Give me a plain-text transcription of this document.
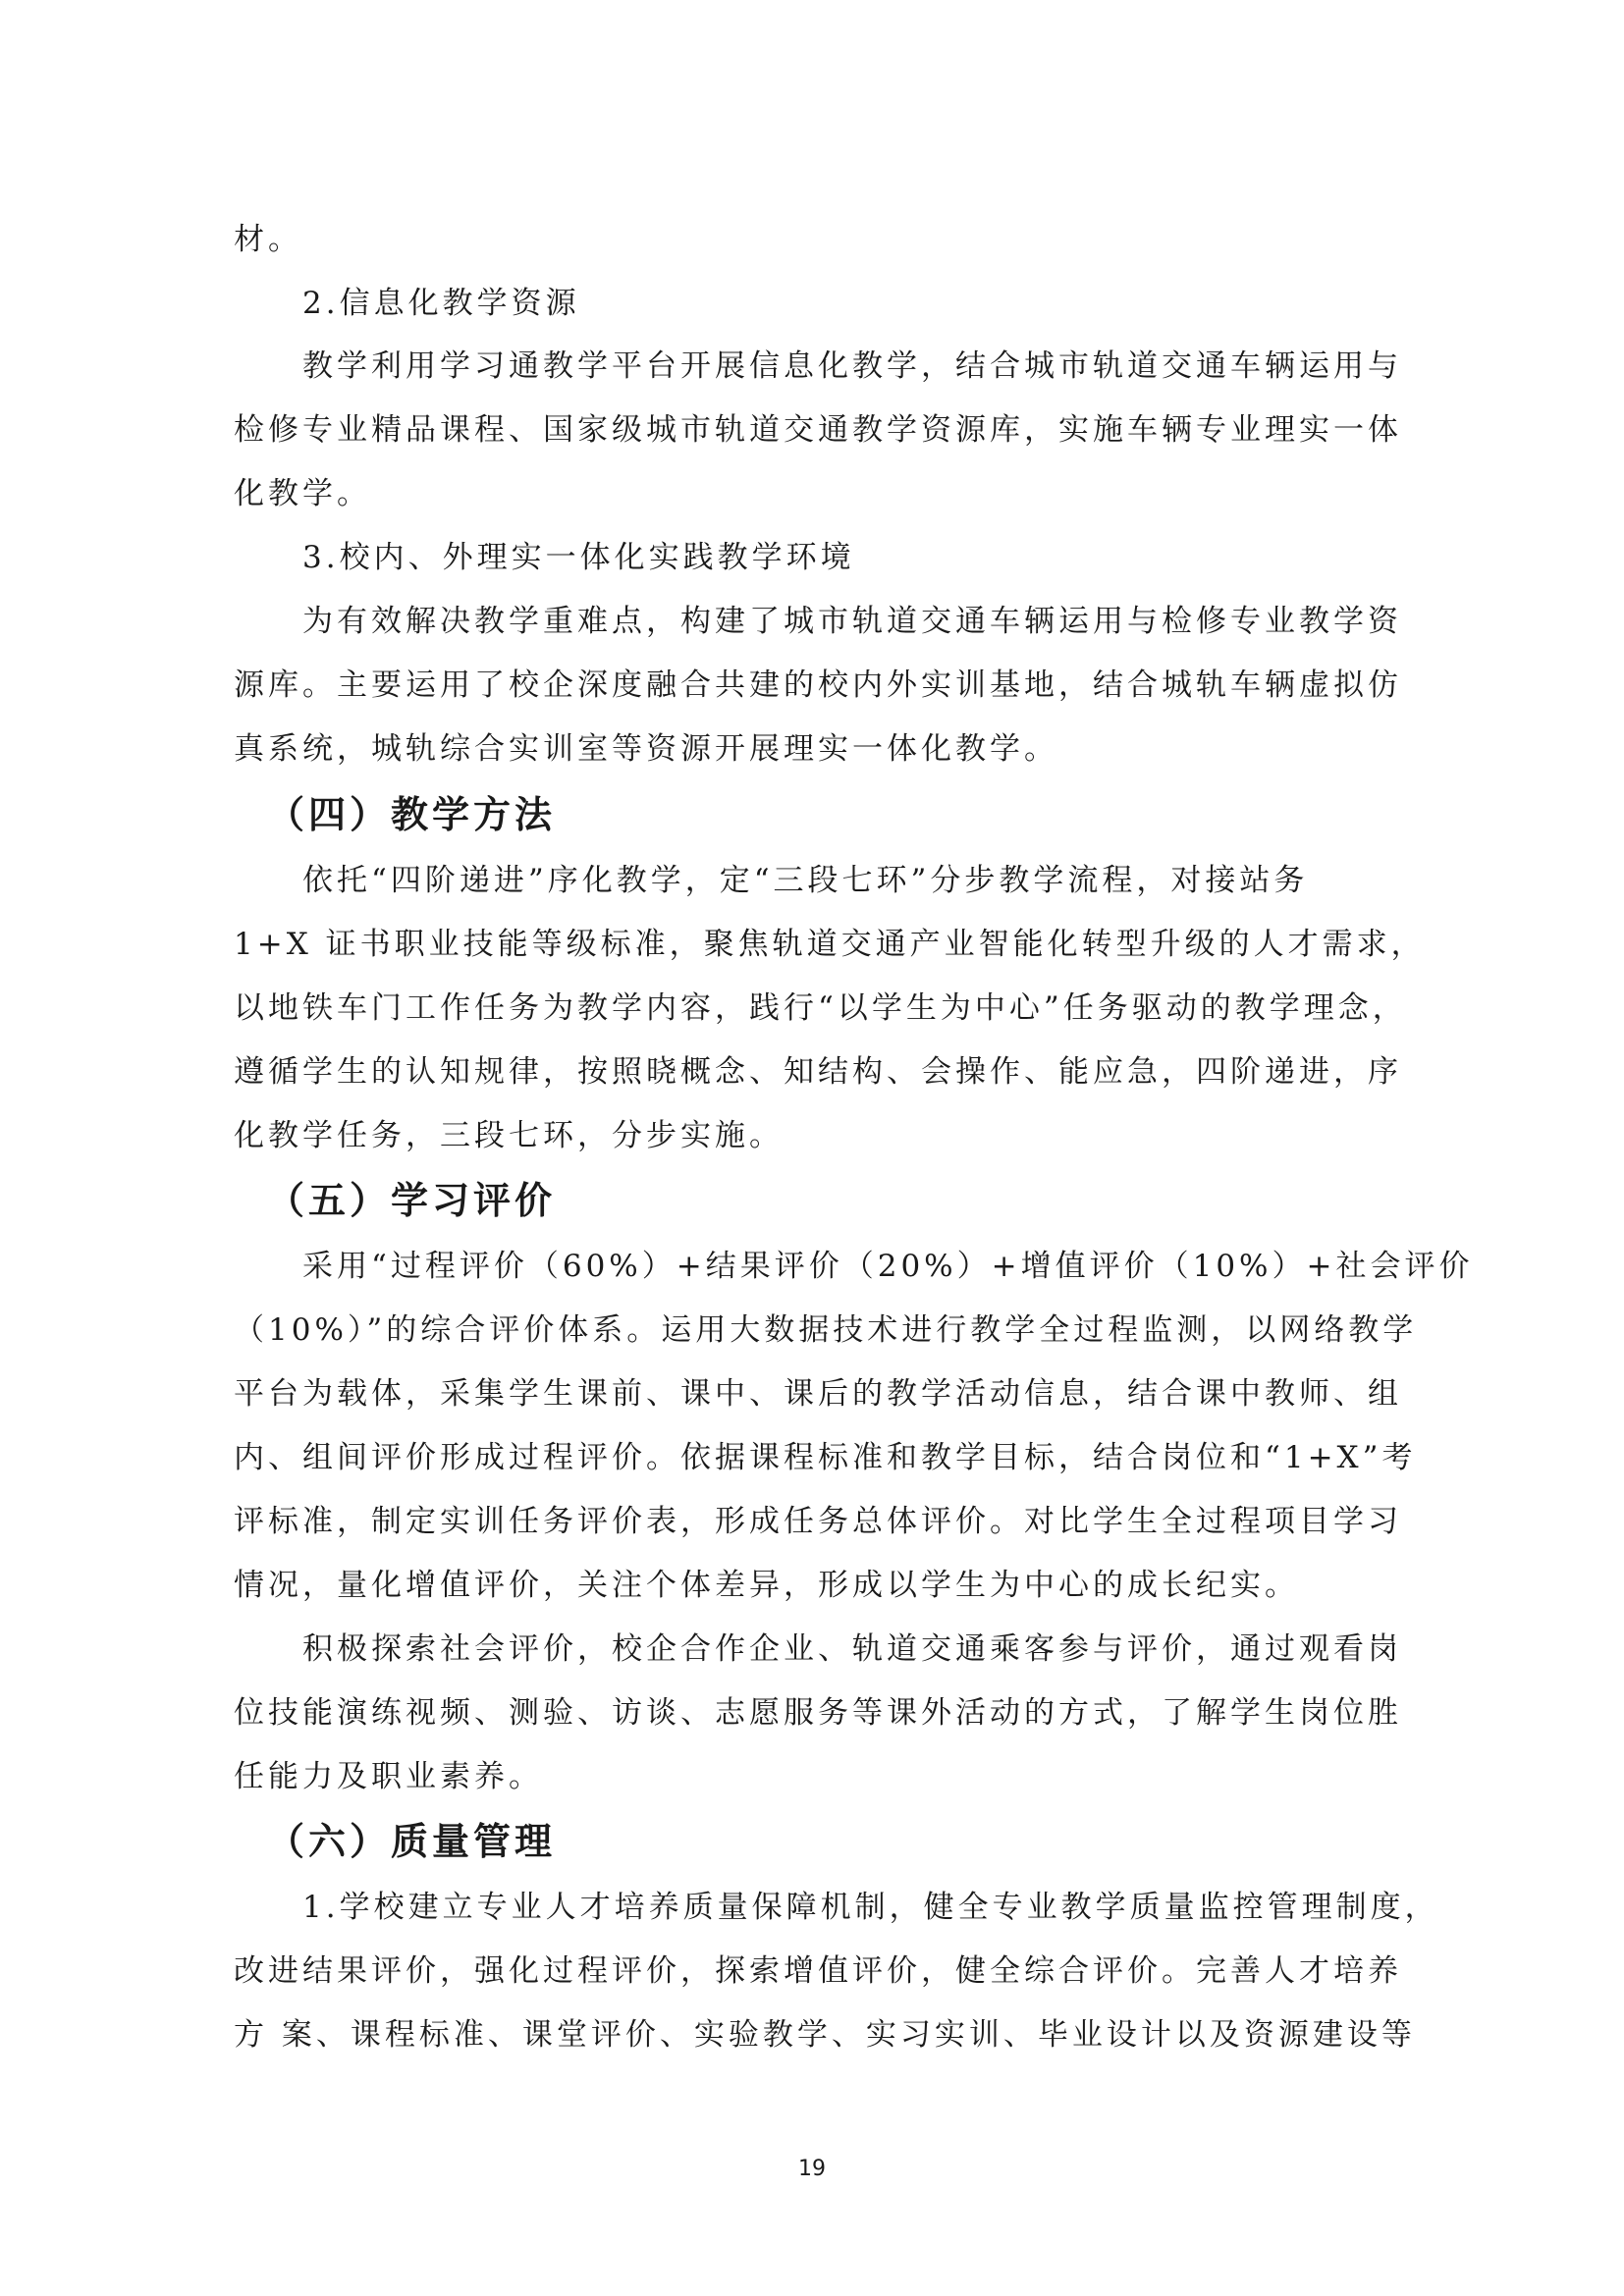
材。
2.信息化教学资源
教学利用学习通教学平台开展信息化教学，结合城市轨道交通车辆运用与
检修专业精品课程、国家级城市轨道交通教学资源库，实施车辆专业理实一体
化教学。
3.校内、外理实一体化实践教学环境
为有效解决教学重难点，构建了城市轨道交通车辆运用与检修专业教学资
源库。主要运用了校企深度融合共建的校内外实训基地，结合城轨车辆虚拟仿
真系统，城轨综合实训室等资源开展理实一体化教学。
（四）教学方法
依托“四阶递进”序化教学，定“三段七环”分步教学流程，对接站务
1+X 证书职业技能等级标准，聚焦轨道交通产业智能化转型升级的人才需求，
以地铁车门工作任务为教学内容，践行“以学生为中心”任务驱动的教学理念，
遵循学生的认知规律，按照晓概念、知结构、会操作、能应急，四阶递进，序
化教学任务，三段七环，分步实施。
（五）学习评价
采用“过程评价（60%）+结果评价（20%）+增值评价（10%）+社会评价
（10%）”的综合评价体系。运用大数据技术进行教学全过程监测，以网络教学
平台为载体，采集学生课前、课中、课后的教学活动信息，结合课中教师、组
内、组间评价形成过程评价。依据课程标准和教学目标，结合岗位和“1+X”考
评标准，制定实训任务评价表，形成任务总体评价。对比学生全过程项目学习
情况，量化增值评价，关注个体差异，形成以学生为中心的成长纪实。
积极探索社会评价，校企合作企业、轨道交通乘客参与评价，通过观看岗
位技能演练视频、测验、访谈、志愿服务等课外活动的方式，了解学生岗位胜
任能力及职业素养。
（六）质量管理
1.学校建立专业人才培养质量保障机制，健全专业教学质量监控管理制度，
改进结果评价，强化过程评价，探索增值评价，健全综合评价。完善人才培养
方 案、课程标准、课堂评价、实验教学、实习实训、毕业设计以及资源建设等
19
